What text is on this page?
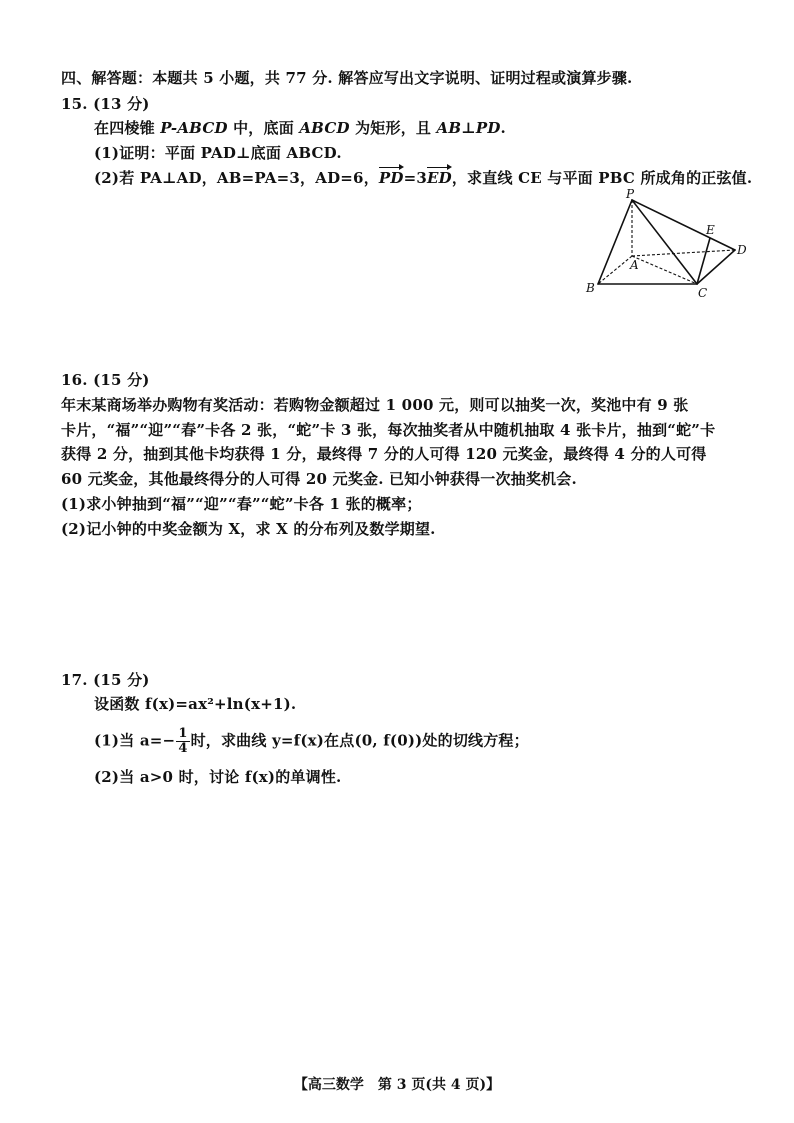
四、解答题：本题共 5 小题，共 77 分. 解答应写出文字说明、证明过程或演算步骤.
15. (13 分)
在四棱锥 P-ABCD 中，底面 ABCD 为矩形，且 AB⊥PD.
(1)证明：平面 PAD⊥底面 ABCD.
(2)若 PA⊥AD，AB=PA=3，AD=6，PD=3ED，求直线 CE 与平面 PBC 所成角的正弦值.
P
E
D
A
B	C
16. (15 分)
年末某商场举办购物有奖活动：若购物金额超过 1 000 元，则可以抽奖一次，奖池中有 9 张
卡片，“福”“迎”“春”卡各 2 张，“蛇”卡 3 张，每次抽奖者从中随机抽取 4 张卡片，抽到“蛇”卡
获得 2 分，抽到其他卡均获得 1 分，最终得 7 分的人可得 120 元奖金，最终得 4 分的人可得
60 元奖金，其他最终得分的人可得 20 元奖金. 已知小钟获得一次抽奖机会.
(1)求小钟抽到“福”“迎”“春”“蛇”卡各 1 张的概率；
(2)记小钟的中奖金额为 X，求 X 的分布列及数学期望.
17. (15 分)
设函数 f(x)=ax²+ln(x+1).
(1)当 $a=- \frac{1}{4}$ 时，求曲线 y=f(x)在点(0, f(0))处的切线方程；
(2)当 a>0 时，讨论 f(x)的单调性.
【高三数学　第 3 页(共 4 页)】
